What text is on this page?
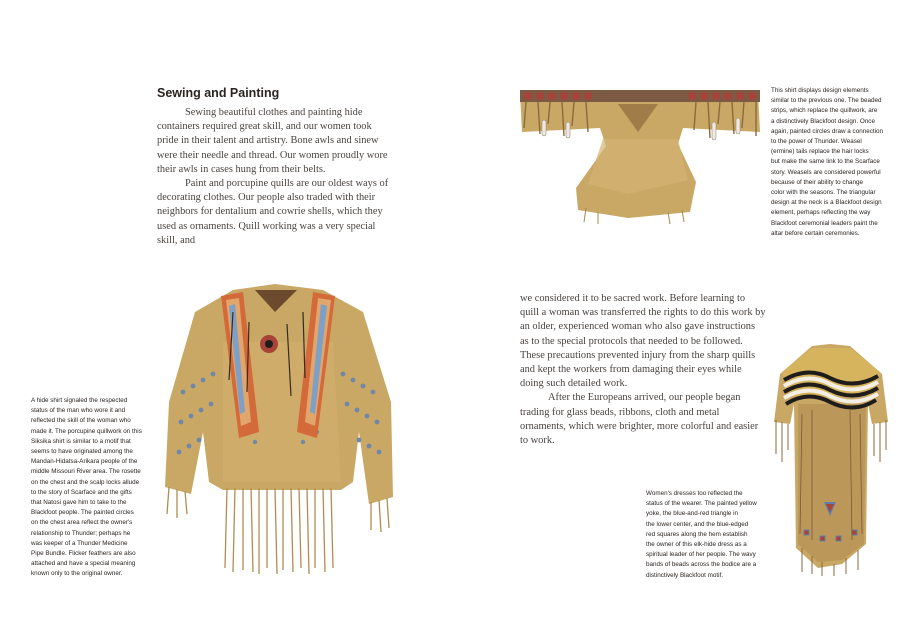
Sewing and Painting

Sewing beautiful clothes and painting hide containers required great skill, and our women took pride in their talent and artistry. Bone awls and sinew were their needle and thread. Our women proudly wore their awls in cases hung from their belts.

Paint and porcupine quills are our oldest ways of decorating clothes. Our people also traded with their neighbors for dentalium and cowrie shells, which they used as ornaments. Quill working was a very special skill, and

we considered it to be sacred work. Before learning to quill a woman was transferred the rights to do this work by an older, experienced woman who also gave instructions as to the special protocols that needed to be followed. These precautions prevented injury from the sharp quills and kept the workers from damaging their eyes while doing such detailed work.

After the Europeans arrived, our people began trading for glass beads, ribbons, cloth and metal ornaments, which were brighter, more colorful and easier to work.

This shirt displays design elements
similar to the previous one. The beaded
strips, which replace the quillwork, are
a distinctively Blackfoot design. Once
again, painted circles draw a connection
to the power of Thunder. Weasel
(ermine) tails replace the hair locks
but make the same link to the Scarface
story. Weasels are considered powerful
because of their ability to change
color with the seasons. The triangular
design at the neck is a Blackfoot design
element, perhaps reflecting the way
Blackfoot ceremonial leaders paint the
altar before certain ceremonies.
A hide shirt signaled the respected
status of the man who wore it and
reflected the skill of the woman who
made it. The porcupine quillwork on this
Siksika shirt is similar to a motif that
seems to have originated among the
Mandan-Hidatsa-Arikara people of the
middle Missouri River area. The rosette
on the chest and the scalp locks allude
to the story of Scarface and the gifts
that Natosi gave him to take to the
Blackfoot people. The painted circles
on the chest area reflect the owner's
relationship to Thunder; perhaps he
was keeper of a Thunder Medicine
Pipe Bundle. Flicker feathers are also
attached and have a special meaning
known only to the original owner.
Women's dresses too reflected the
status of the wearer. The painted yellow
yoke, the blue-and-red triangle in
the lower center, and the blue-edged
red squares along the hem establish
the owner of this elk-hide dress as a
spiritual leader of her people. The wavy
bands of beads across the bodice are a
distinctively Blackfoot motif.
